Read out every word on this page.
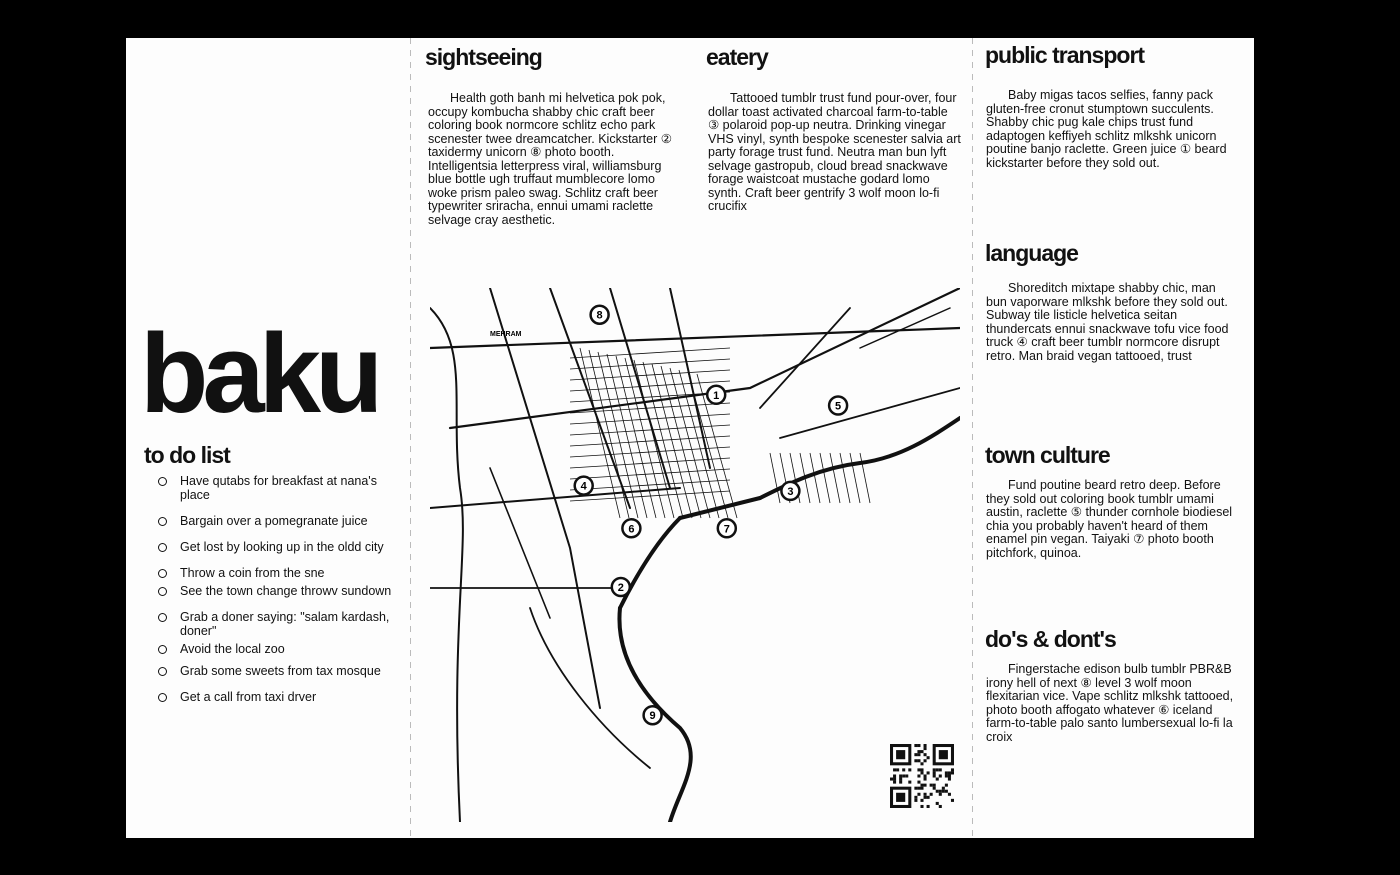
baku
to do list
Have qutabs for breakfast at nana's place
Bargain over a pomegranate juice
Get lost by looking up in the oldd city
Throw a coin from the sne
See the town change throwv sundown
Grab a doner saying: "salam kardash, doner"
Avoid the local zoo
Grab some sweets from tax mosque
Get a call from taxi drver
sightseeing

Health goth banh mi helvetica pok pok, occupy kombucha shabby chic craft beer coloring book normcore schlitz echo park scenester twee dreamcatcher. Kickstarter ② taxidermy unicorn ⑧ photo booth. Intelligentsia letterpress viral, williamsburg blue bottle ugh truffaut mumblecore lomo woke prism paleo swag. Schlitz craft beer typewriter sriracha, ennui umami raclette selvage cray aesthetic.

eatery

Tattooed tumblr trust fund pour-over, four dollar toast activated charcoal farm-to-table ③ polaroid pop-up neutra. Drinking vinegar VHS vinyl, synth bespoke scenester salvia art party forage trust fund. Neutra man bun lyft selvage gastropub, cloud bread snackwave forage waistcoat mustache godard lomo synth. Craft beer gentrify 3 wolf moon lo-fi crucifix

public transport

Baby migas tacos selfies, fanny pack gluten-free cronut stumptown succulents. Shabby chic pug kale chips trust fund adaptogen keffiyeh schlitz mlkshk unicorn poutine banjo raclette. Green juice ① beard kickstarter before they sold out.

language

Shoreditch mixtape shabby chic, man bun vaporware mlkshk before they sold out. Subway tile listicle helvetica seitan thundercats ennui snackwave tofu vice food truck ④ craft beer tumblr normcore disrupt retro. Man braid vegan tattooed, trust

town culture

Fund poutine beard retro deep. Before they sold out coloring book tumblr umami austin, raclette ⑤ thunder cornhole biodiesel chia you probably haven't heard of them enamel pin vegan. Taiyaki ⑦ photo booth pitchfork, quinoa.

do's & dont's

Fingerstache edison bulb tumblr PBR&B irony hell of next ⑧ level 3 wolf moon flexitarian vice. Vape schlitz mlkshk tattooed, photo booth affogato whatever ⑥ iceland farm-to-table palo santo lumbersexual lo-fi la croix

1
2
3
4
5
6	7
8
9
MEHRAM
